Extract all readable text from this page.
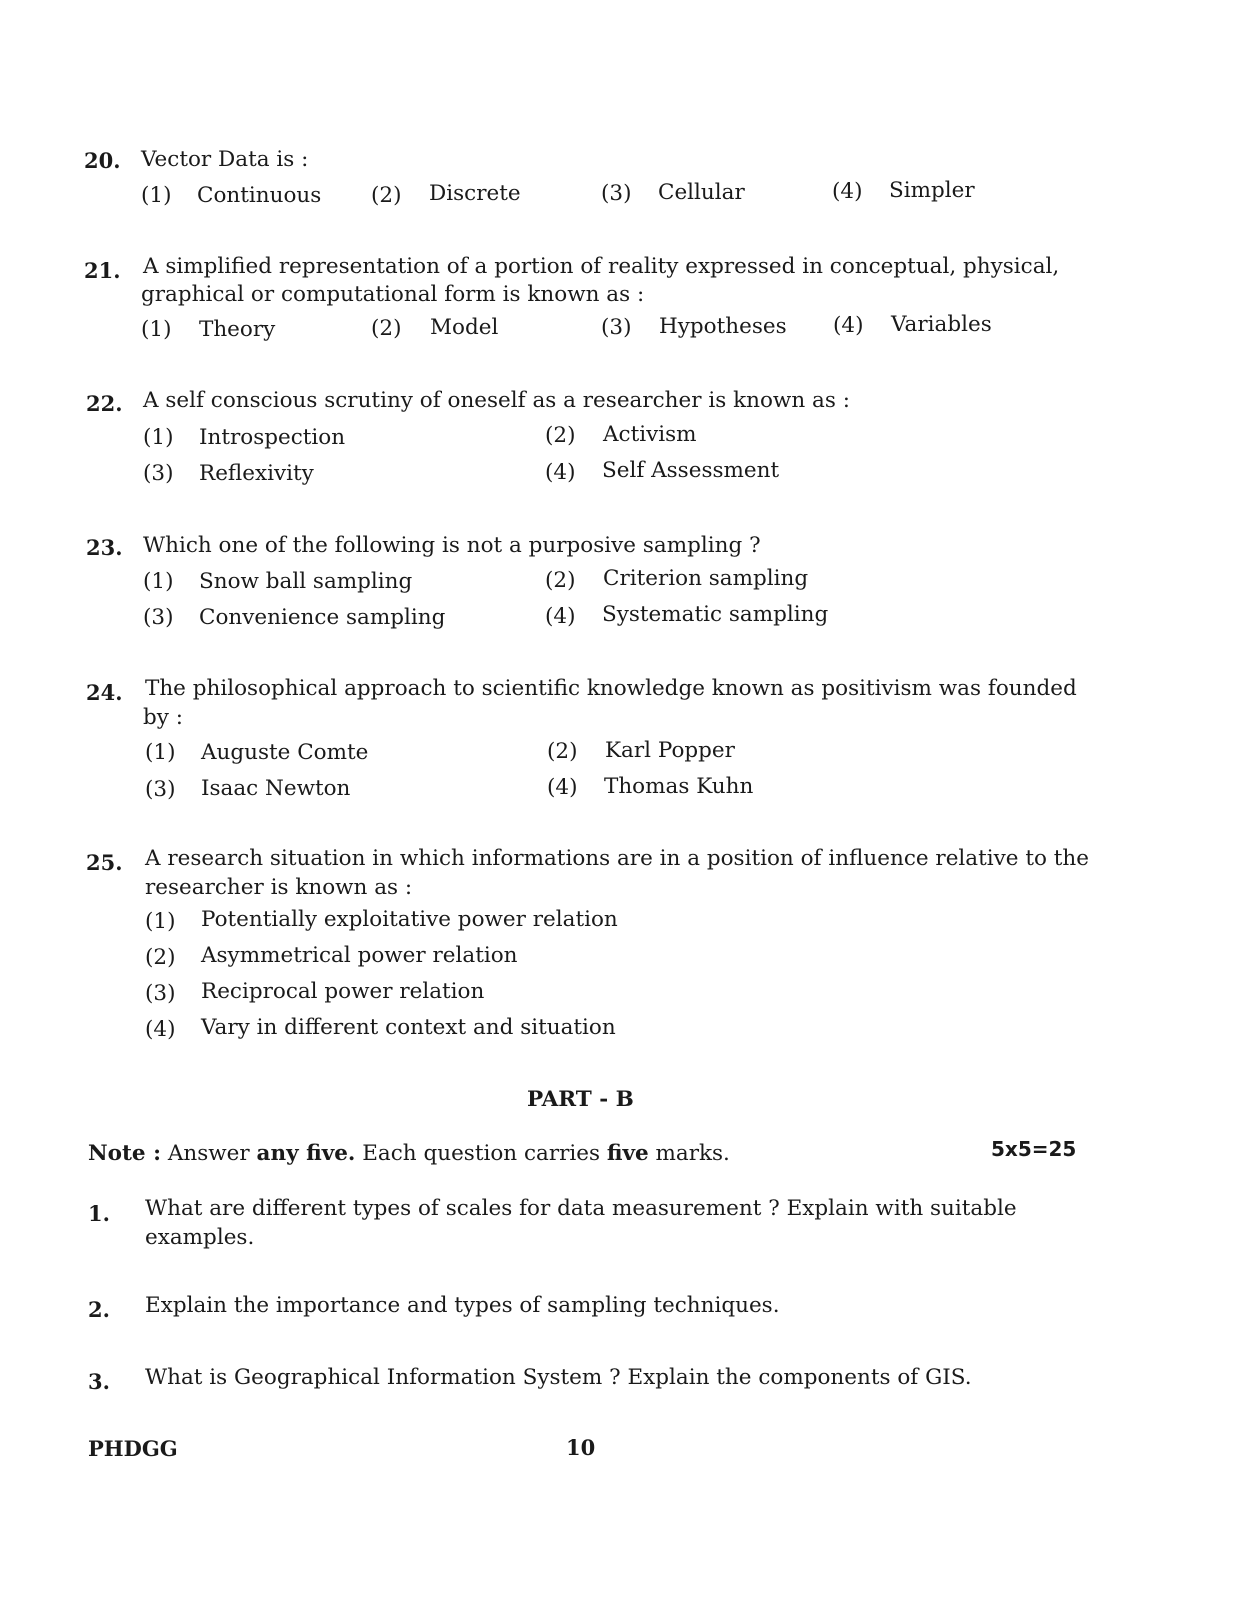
20. Vector Data is :
(1) Continuous (2) Discrete	(3) Cellular	(4) Simpler
21. A simplified representation of a portion of reality expressed in conceptual, physical,
graphical or computational form is known as :
(1) Theory	(2) Model	(3) Hypotheses (4) Variables
22. A self conscious scrutiny of oneself as a researcher is known as :
(1) Introspection	(2) Activism
(3) Reflexivity	(4) Self Assessment
23. Which one of the following is not a purposive sampling ?
(1) Snow ball sampling	(2) Criterion sampling
(3) Convenience sampling	(4) Systematic sampling
24. The philosophical approach to scientific knowledge known as positivism was founded
by :
(1) Auguste Comte	(2) Karl Popper
(3) Isaac Newton	(4) Thomas Kuhn
25. A research situation in which informations are in a position of influence relative to the
researcher is known as :
(1) Potentially exploitative power relation
(2) Asymmetrical power relation
(3) Reciprocal power relation
(4) Vary in different context and situation
PART - B
Note : Answer any five. Each question carries five marks.	5x5=25
1. What are different types of scales for data measurement ? Explain with suitable
examples.
2. Explain the importance and types of sampling techniques.
3. What is Geographical Information System ? Explain the components of GIS.
PHDGG	10
